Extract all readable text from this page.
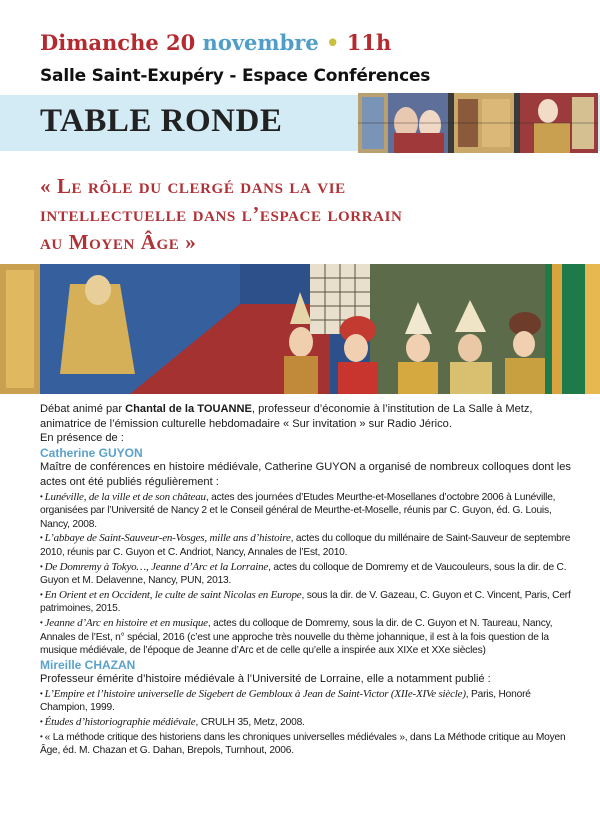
Dimanche 20 novembre • 11h
Salle Saint-Exupéry - Espace Conférences
TABLE RONDE
« Le rôle du clergé dans la vie
intellectuelle dans l’espace lorrain
au Moyen Âge »

Débat animé par Chantal de la TOUANNE, professeur d’économie à l’institution de La Salle à Metz, animatrice de l’émission culturelle hebdomadaire « Sur invitation » sur Radio Jérico.

En présence de :

Catherine GUYON

Maître de conférences en histoire médiévale, Catherine GUYON a organisé de nombreux colloques dont les actes ont été publiés régulièrement :

• Lunéville, de la ville et de son château, actes des journées d’Etudes Meurthe-et-Mosellanes d’octobre 2006 à Lunéville, organisées par l’Université de Nancy 2 et le Conseil général de Meurthe-et-Moselle, réunis par C. Guyon, éd. G. Louis, Nancy, 2008.

• L’abbaye de Saint-Sauveur-en-Vosges, mille ans d’histoire, actes du colloque du millénaire de Saint-Sauveur de septembre 2010, réunis par C. Guyon et C. Andriot, Nancy, Annales de l’Est, 2010.

• De Domremy à Tokyo…, Jeanne d’Arc et la Lorraine, actes du colloque de Domremy et de Vaucouleurs, sous la dir. de C. Guyon et M. Delavenne, Nancy, PUN, 2013.

• En Orient et en Occident, le culte de saint Nicolas en Europe, sous la dir. de V. Gazeau, C. Guyon et C. Vincent, Paris, Cerf patrimoines, 2015.

• Jeanne d’Arc en histoire et en musique, actes du colloque de Domremy, sous la dir. de C. Guyon et N. Taureau, Nancy, Annales de l’Est, n° spécial, 2016 (c’est une approche très nouvelle du thème johannique, il est à la fois question de la musique médiévale, de l’époque de Jeanne d’Arc et de celle qu’elle a inspirée aux XIXe et XXe siècles)

Mireille CHAZAN

Professeur émérite d’histoire médiévale à l’Université de Lorraine, elle a notamment publié :

• L’Empire et l’histoire universelle de Sigebert de Gembloux à Jean de Saint-Victor (XIIe-XIVe siècle), Paris, Honoré Champion, 1999.

• Études d’historiographie médiévale, CRULH 35, Metz, 2008.

• « La méthode critique des historiens dans les chroniques universelles médiévales », dans La Méthode critique au Moyen Âge, éd. M. Chazan et G. Dahan, Brepols, Turnhout, 2006.
